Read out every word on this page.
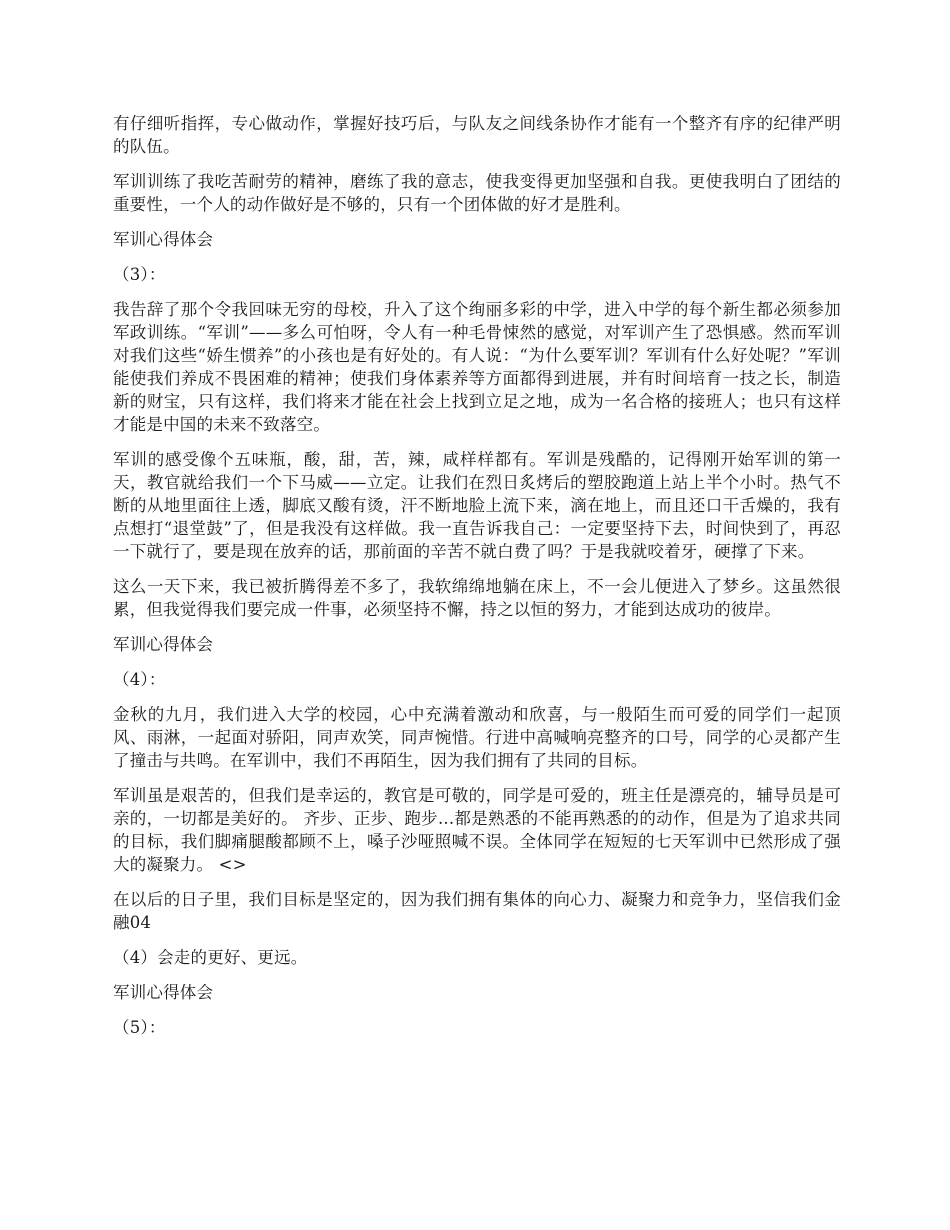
有仔细听指挥，专心做动作，掌握好技巧后，与队友之间线条协作才能有一个整齐有序的纪律严明的队伍。

军训训练了我吃苦耐劳的精神，磨练了我的意志，使我变得更加坚强和自我。更使我明白了团结的重要性，一个人的动作做好是不够的，只有一个团体做的好才是胜利。

军训心得体会

（3）：

我告辞了那个令我回味无穷的母校，升入了这个绚丽多彩的中学，进入中学的每个新生都必须参加军政训练。“军训”——多么可怕呀，令人有一种毛骨悚然的感觉，对军训产生了恐惧感。然而军训对我们这些“娇生惯养”的小孩也是有好处的。有人说：“为什么要军训？军训有什么好处呢？”军训能使我们养成不畏困难的精神；使我们身体素养等方面都得到进展，并有时间培育一技之长，制造新的财宝，只有这样，我们将来才能在社会上找到立足之地，成为一名合格的接班人；也只有这样才能是中国的未来不致落空。

军训的感受像个五味瓶，酸，甜，苦，辣，咸样样都有。军训是残酷的，记得刚开始军训的第一天，教官就给我们一个下马威——立定。让我们在烈日炙烤后的塑胶跑道上站上半个小时。热气不断的从地里面往上透，脚底又酸有烫，汗不断地脸上流下来，滴在地上，而且还口干舌燥的，我有点想打“退堂鼓”了，但是我没有这样做。我一直告诉我自己：一定要坚持下去，时间快到了，再忍一下就行了，要是现在放弃的话，那前面的辛苦不就白费了吗？于是我就咬着牙，硬撑了下来。

这么一天下来，我已被折腾得差不多了，我软绵绵地躺在床上，不一会儿便进入了梦乡。这虽然很累，但我觉得我们要完成一件事，必须坚持不懈，持之以恒的努力，才能到达成功的彼岸。

军训心得体会

（4）：

金秋的九月，我们进入大学的校园，心中充满着激动和欣喜，与一般陌生而可爱的同学们一起顶风、雨淋，一起面对骄阳，同声欢笑，同声惋惜。行进中高喊响亮整齐的口号，同学的心灵都产生了撞击与共鸣。在军训中，我们不再陌生，因为我们拥有了共同的目标。

军训虽是艰苦的，但我们是幸运的，教官是可敬的，同学是可爱的，班主任是漂亮的，辅导员是可亲的，一切都是美好的。 齐步、正步、跑步...都是熟悉的不能再熟悉的的动作，但是为了追求共同的目标，我们脚痛腿酸都顾不上，嗓子沙哑照喊不误。全体同学在短短的七天军训中已然形成了强大的凝聚力。 <>

在以后的日子里，我们目标是坚定的，因为我们拥有集体的向心力、凝聚力和竞争力，坚信我们金融04

（4）会走的更好、更远。

军训心得体会

（5）：
